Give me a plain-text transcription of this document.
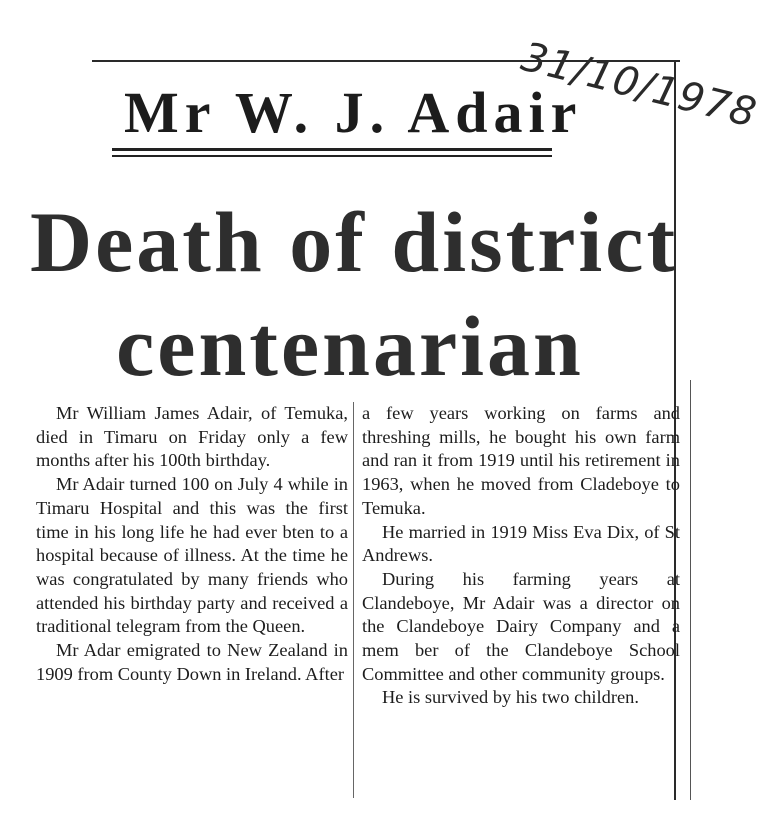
Mr W. J. Adair
31/10/1978
Death of district
centenarian

Mr William James Adair, of Temuka, died in Timaru on Friday only a few months after his 100th birthday.

Mr Adair turned 100 on July 4 while in Timaru Hospital and this was the first time in his long life he had ever bten to a hospital because of illness. At the time he was congratulated by many friends who attended his birthday party and received a traditional telegram from the Queen.

Mr Adar emigrated to New Zealand in 1909 from County Down in Ireland. After

a few years working on farms and threshing mills, he bought his own farm and ran it from 1919 until his retirement in 1963, when he moved from Cladeboye to Temuka.

He married in 1919 Miss Eva Dix, of St Andrews.

During his farming years at Clandeboye, Mr Adair was a director on the Clandeboye Dairy Company and a mem ber of the Clandeboye School Committee and other community groups.

He is survived by his two children.
